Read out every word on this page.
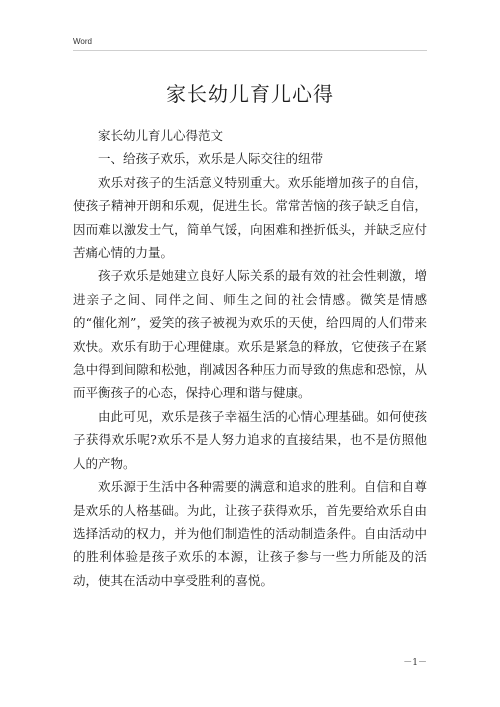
Word
家长幼儿育儿心得

家长幼儿育儿心得范文

一、给孩子欢乐，欢乐是人际交往的纽带

欢乐对孩子的生活意义特别重大。欢乐能增加孩子的自信，使孩子精神开朗和乐观，促进生长。常常苦恼的孩子缺乏自信，因而难以激发士气，简单气馁，向困难和挫折低头，并缺乏应付苦痛心情的力量。

孩子欢乐是她建立良好人际关系的最有效的社会性刺激，增进亲子之间、同伴之间、师生之间的社会情感。微笑是情感的“催化剂”，爱笑的孩子被视为欢乐的天使，给四周的人们带来欢快。欢乐有助于心理健康。欢乐是紧急的释放，它使孩子在紧急中得到间隙和松弛，削减因各种压力而导致的焦虑和恐惊，从而平衡孩子的心态，保持心理和谐与健康。

由此可见，欢乐是孩子幸福生活的心情心理基础。如何使孩子获得欢乐呢?欢乐不是人努力追求的直接结果，也不是仿照他人的产物。

欢乐源于生活中各种需要的满意和追求的胜利。自信和自尊是欢乐的人格基础。为此，让孩子获得欢乐，首先要给欢乐自由选择活动的权力，并为他们制造性的活动制造条件。自由活动中的胜利体验是孩子欢乐的本源，让孩子参与一些力所能及的活动，使其在活动中享受胜利的喜悦。

－1－
